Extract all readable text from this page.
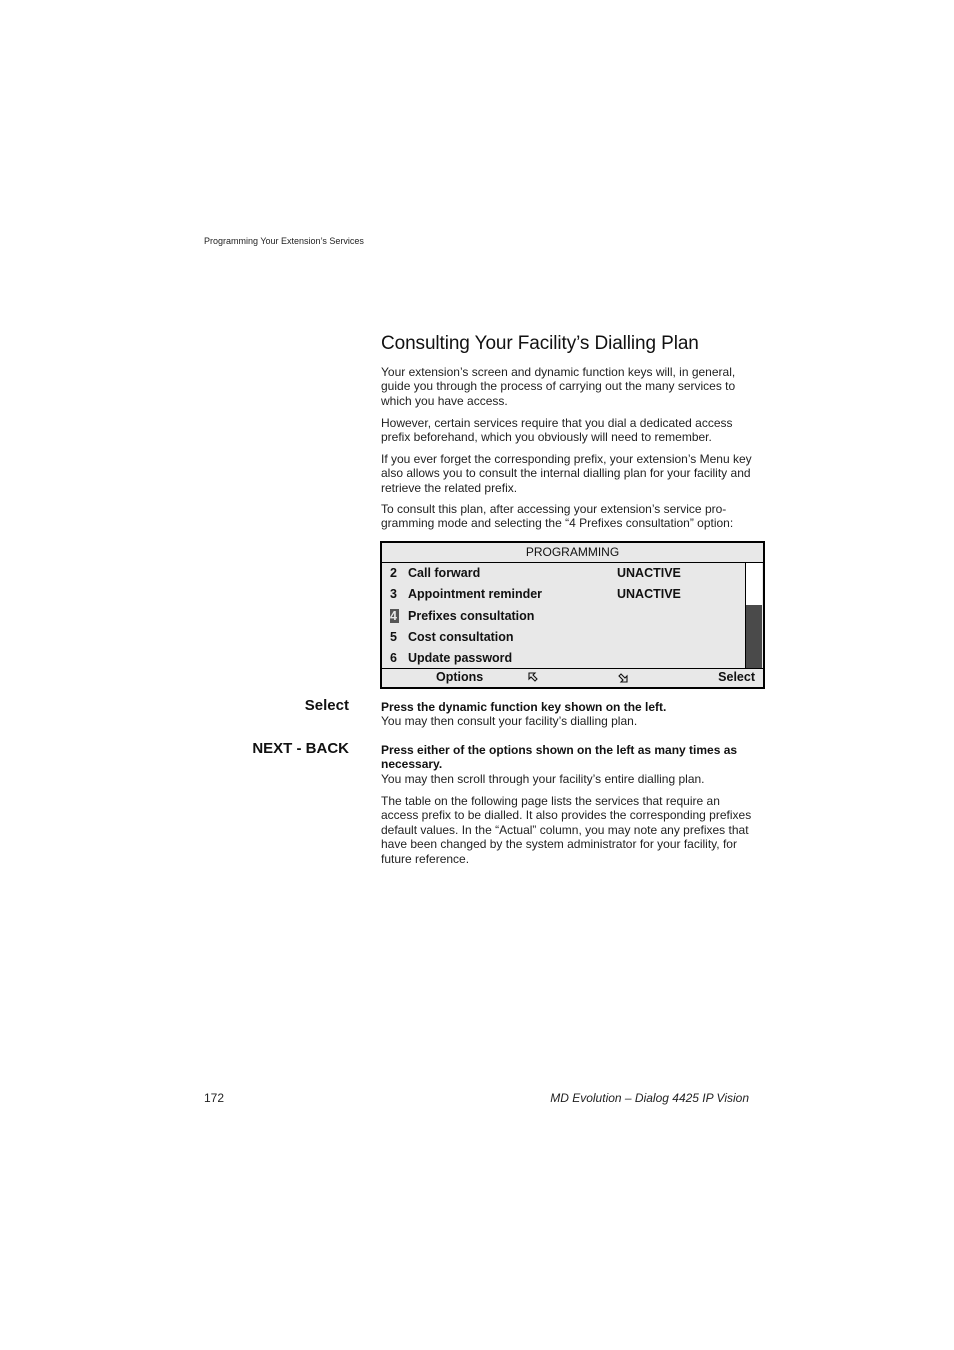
Programming Your Extension’s Services
Consulting Your Facility’s Dialling Plan

Your extension’s screen and dynamic function keys will, in general, guide you through the process of carrying out the many services to which you have access.

However, certain services require that you dial a dedicated access prefix beforehand, which you obviously will need to remember.

If you ever forget the corresponding prefix, your extension’s Menu key also allows you to consult the internal dialling plan for your facility and retrieve the related prefix.

To consult this plan, after accessing your extension’s service pro-gramming mode and selecting the “4 Prefixes consultation” option:

PROGRAMMING
2 Call forward	UNACTIVE
3 Appointment reminder	UNACTIVE
4 Prefixes consultation
5 Cost consultation
6 Update password
Options	Select
Select	Press the dynamic function key shown on the left.
You may then consult your facility’s dialling plan.
NEXT - BACK	Press either of the options shown on the left as many times as necessary.
You may then scroll through your facility’s entire dialling plan.

The table on the following page lists the services that require an access prefix to be dialled. It also provides the corresponding prefixes default values. In the “Actual” column, you may note any prefixes that have been changed by the system administrator for your facility, for future reference.

172	MD Evolution – Dialog 4425 IP Vision
